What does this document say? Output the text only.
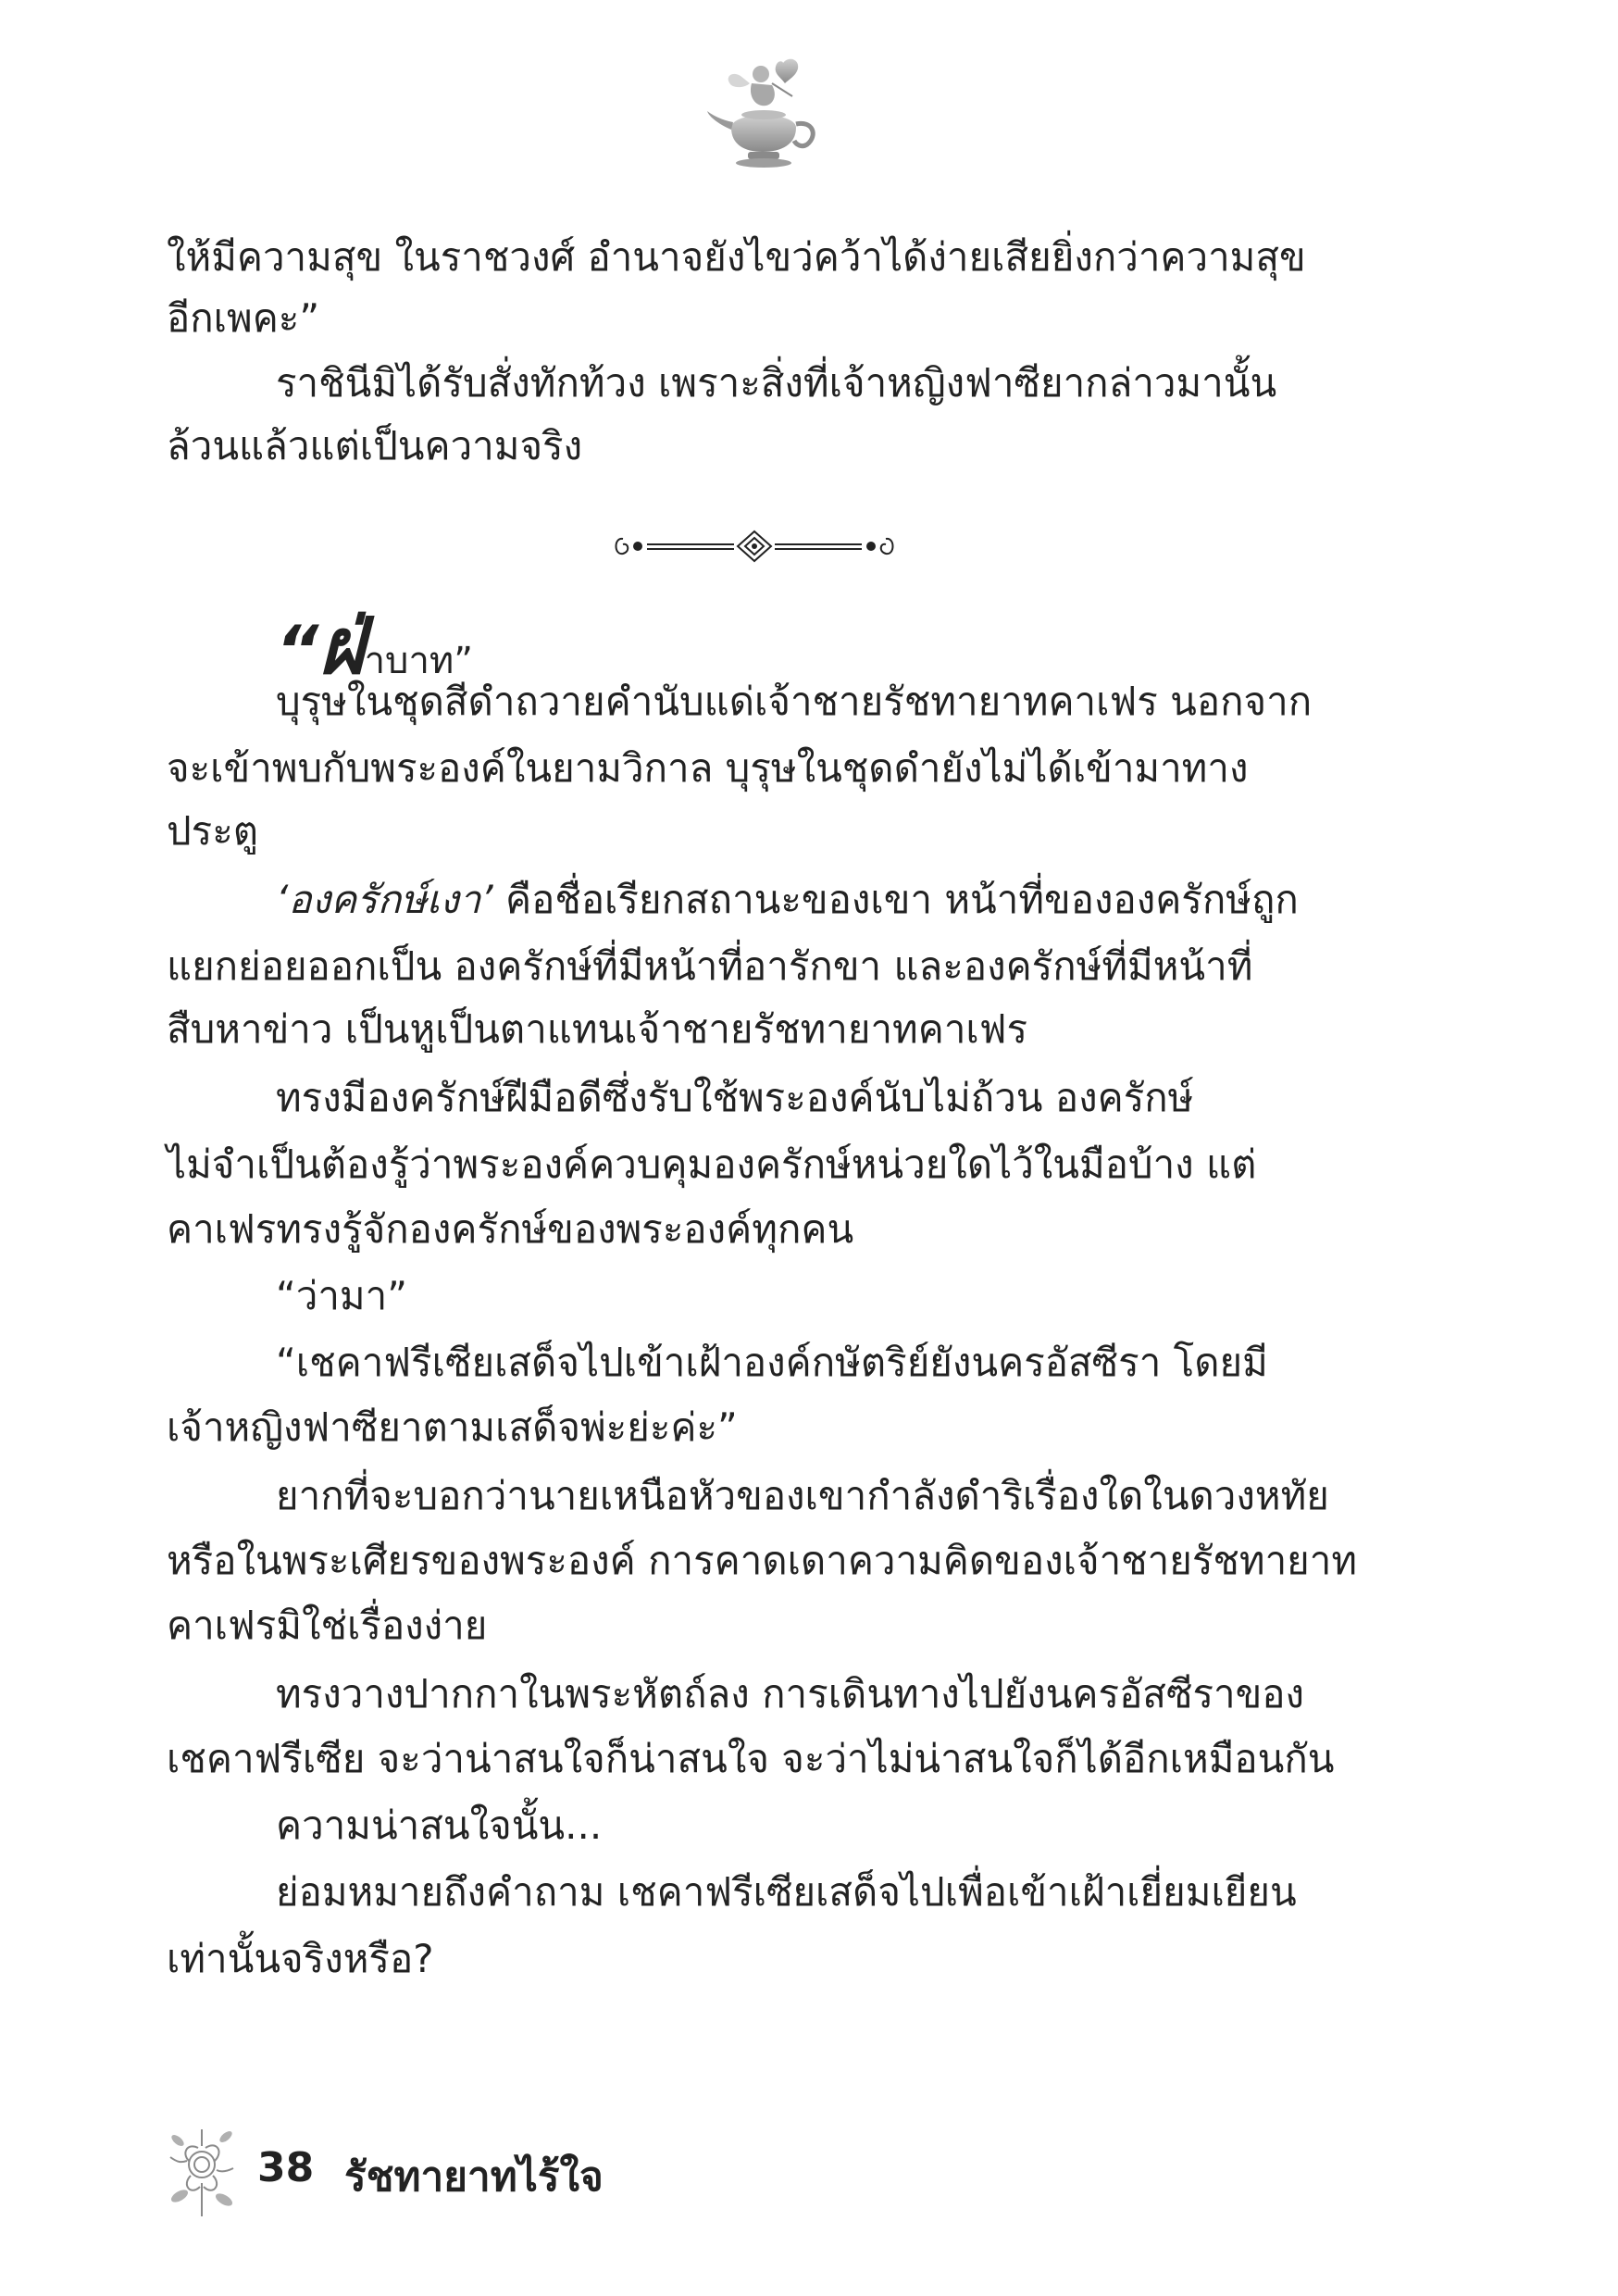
ให้มีความสุข ในราชวงศ์ อำนาจยังไขว่คว้าได้ง่ายเสียยิ่งกว่าความสุข
อีกเพคะ”
ราชินีมิได้รับสั่งทักท้วง เพราะสิ่งที่เจ้าหญิงฟาซียากล่าวมานั้น
ล้วนแล้วแต่เป็นความจริง
“ฝ่าบาท”
บุรุษในชุดสีดำถวายคำนับแด่เจ้าชายรัชทายาทคาเฟร นอกจาก
จะเข้าพบกับพระองค์ในยามวิกาล บุรุษในชุดดำยังไม่ได้เข้ามาทาง
ประตู
‘องครักษ์เงา’ คือชื่อเรียกสถานะของเขา หน้าที่ขององครักษ์ถูก
แยกย่อยออกเป็น องครักษ์ที่มีหน้าที่อารักขา และองครักษ์ที่มีหน้าที่
สืบหาข่าว เป็นหูเป็นตาแทนเจ้าชายรัชทายาทคาเฟร
ทรงมีองครักษ์ฝีมือดีซึ่งรับใช้พระองค์นับไม่ถ้วน องครักษ์
ไม่จำเป็นต้องรู้ว่าพระองค์ควบคุมองครักษ์หน่วยใดไว้ในมือบ้าง แต่
คาเฟรทรงรู้จักองครักษ์ของพระองค์ทุกคน
“ว่ามา”
“เชคาฟรีเซียเสด็จไปเข้าเฝ้าองค์กษัตริย์ยังนครอัสซีรา โดยมี
เจ้าหญิงฟาซียาตามเสด็จพ่ะย่ะค่ะ”
ยากที่จะบอกว่านายเหนือหัวของเขากำลังดำริเรื่องใดในดวงหทัย
หรือในพระเศียรของพระองค์ การคาดเดาความคิดของเจ้าชายรัชทายาท
คาเฟรมิใช่เรื่องง่าย
ทรงวางปากกาในพระหัตถ์ลง การเดินทางไปยังนครอัสซีราของ
เชคาฟรีเซีย จะว่าน่าสนใจก็น่าสนใจ จะว่าไม่น่าสนใจก็ได้อีกเหมือนกัน
ความน่าสนใจนั้น...
ย่อมหมายถึงคำถาม เชคาฟรีเซียเสด็จไปเพื่อเข้าเฝ้าเยี่ยมเยียน
เท่านั้นจริงหรือ?
38 รัชทายาทไร้ใจ
